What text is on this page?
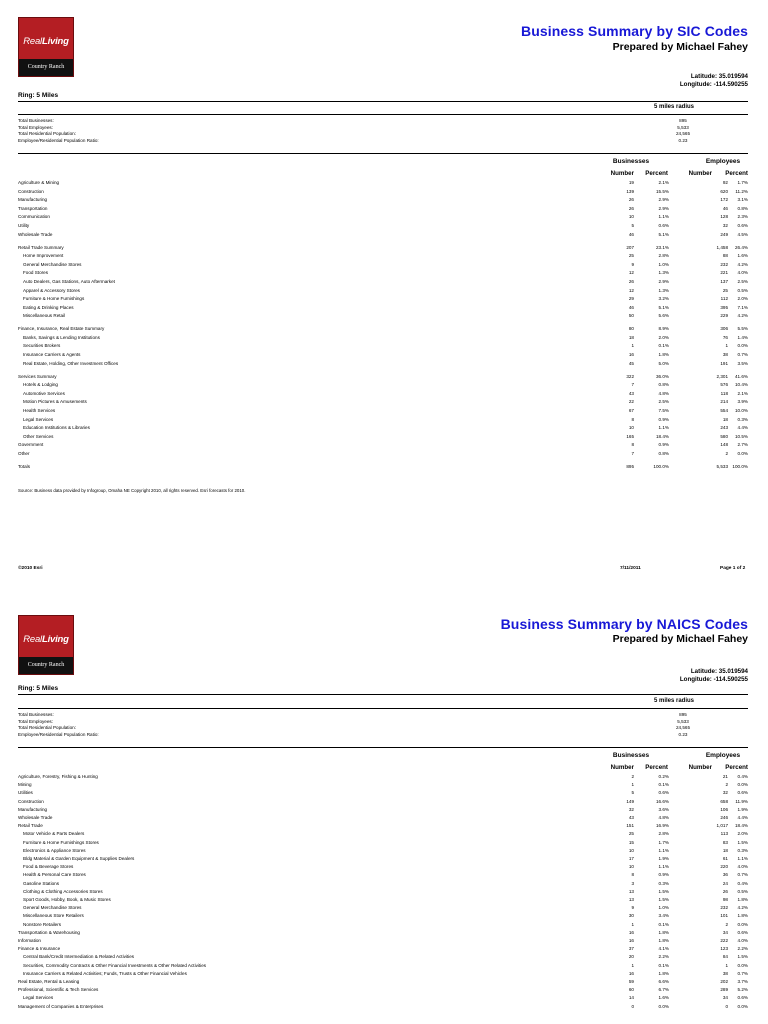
RealLiving
Country Ranch
Business Summary by SIC Codes
Prepared by Michael Fahey
Latitude: 35.019594
Longitude: -114.590255
Ring: 5 Miles
5 miles radius
Total Businesses:	895
Total Employees:	5,533
Total Residential Population:	24,565
Employee/Residential Population Ratio:	0.23
Businesses	Employees
Number	Percent	Number	Percent
Agriculture & Mining	19	2.1%	92	1.7%
Construction	139	15.5%	620	11.2%
Manufacturing	26	2.9%	172	3.1%
Transportation	26	2.9%	46	0.8%
Communication	10	1.1%	128	2.3%
Utility	5	0.6%	32	0.6%
Wholesale Trade	46	5.1%	249	4.5%
Retail Trade Summary	207	23.1%	1,458	26.4%
Home Improvement	25	2.8%	88	1.6%
General Merchandise Stores	9	1.0%	232	4.2%
Food Stores	12	1.3%	221	4.0%
Auto Dealers, Gas Stations, Auto Aftermarket	26	2.9%	137	2.5%
Apparel & Accessory Stores	12	1.3%	25	0.5%
Furniture & Home Furnishings	29	3.2%	112	2.0%
Eating & Drinking Places	46	5.1%	395	7.1%
Miscellaneous Retail	50	5.6%	229	4.2%
Finance, Insurance, Real Estate Summary	80	8.9%	306	5.5%
Banks, Savings & Lending Institutions	18	2.0%	76	1.4%
Securities Brokers	1	0.1%	1	0.0%
Insurance Carriers & Agents	16	1.8%	38	0.7%
Real Estate, Holding, Other Investment Offices	45	5.0%	191	3.5%
Services Summary	322	36.0%	2,301	41.6%
Hotels & Lodging	7	0.8%	576	10.4%
Automotive Services	43	4.8%	118	2.1%
Motion Pictures & Amusements	22	2.5%	214	3.9%
Health Services	67	7.5%	554	10.0%
Legal Services	8	0.9%	18	0.3%
Education Institutions & Libraries	10	1.1%	243	4.4%
Other Services	165	18.4%	580	10.5%
Government	8	0.9%	148	2.7%
Other	7	0.8%	2	0.0%
Totals	895	100.0%	5,533 100.0%
Source: Business data provided by Infogroup, Omaha NE Copyright 2010, all rights reserved. Esri forecasts for 2010.
©2010 Esri	7/11/2011	Page 1 of 2
RealLiving
Country Ranch
Business Summary by NAICS Codes
Prepared by Michael Fahey
Latitude: 35.019594
Longitude: -114.590255
Ring: 5 Miles
5 miles radius
Total Businesses:	895
Total Employees:	5,533
Total Residential Population:	24,565
Employee/Residential Population Ratio:	0.23
Businesses	Employees
Number	Percent	Number	Percent
Agriculture, Forestry, Fishing & Hunting	2	0.2%	21	0.4%
Mining	1	0.1%	2	0.0%
Utilities	5	0.6%	32	0.6%
Construction	149	16.6%	658	11.9%
Manufacturing	32	3.6%	106	1.9%
Wholesale Trade	43	4.8%	246	4.4%
Retail Trade	151	16.9%	1,017	18.4%
Motor Vehicle & Parts Dealers	25	2.8%	113	2.0%
Furniture & Home Furnishings Stores	15	1.7%	83	1.5%
Electronics & Appliance Stores	10	1.1%	18	0.3%
Bldg Material & Garden Equipment & Supplies Dealers	17	1.9%	61	1.1%
Food & Beverage Stores	10	1.1%	220	4.0%
Health & Personal Care Stores	8	0.9%	36	0.7%
Gasoline Stations	3	0.3%	24	0.4%
Clothing & Clothing Accessories Stores	13	1.5%	26	0.5%
Sport Goods, Hobby, Book, & Music Stores	13	1.5%	98	1.8%
General Merchandise Stores	9	1.0%	232	4.2%
Miscellaneous Store Retailers	30	3.4%	101	1.8%
Nonstore Retailers	1	0.1%	2	0.0%
Transportation & Warehousing	16	1.8%	34	0.6%
Information	16	1.8%	222	4.0%
Finance & Insurance	37	4.1%	123	2.2%
Central Bank/Credit Intermediation & Related Activities	20	2.2%	84	1.5%
Securities, Commodity Contracts & Other Financial Investments & Other Related Activities	1	0.1%	1	0.0%
Insurance Carriers & Related Activities; Funds, Trusts & Other Financial Vehicles	16	1.8%	38	0.7%
Real Estate, Rental & Leasing	59	6.6%	202	3.7%
Professional, Scientific & Tech Services	60	6.7%	289	5.2%
Legal Services	14	1.6%	34	0.6%
Management of Companies & Enterprises	0	0.0%	0	0.0%
